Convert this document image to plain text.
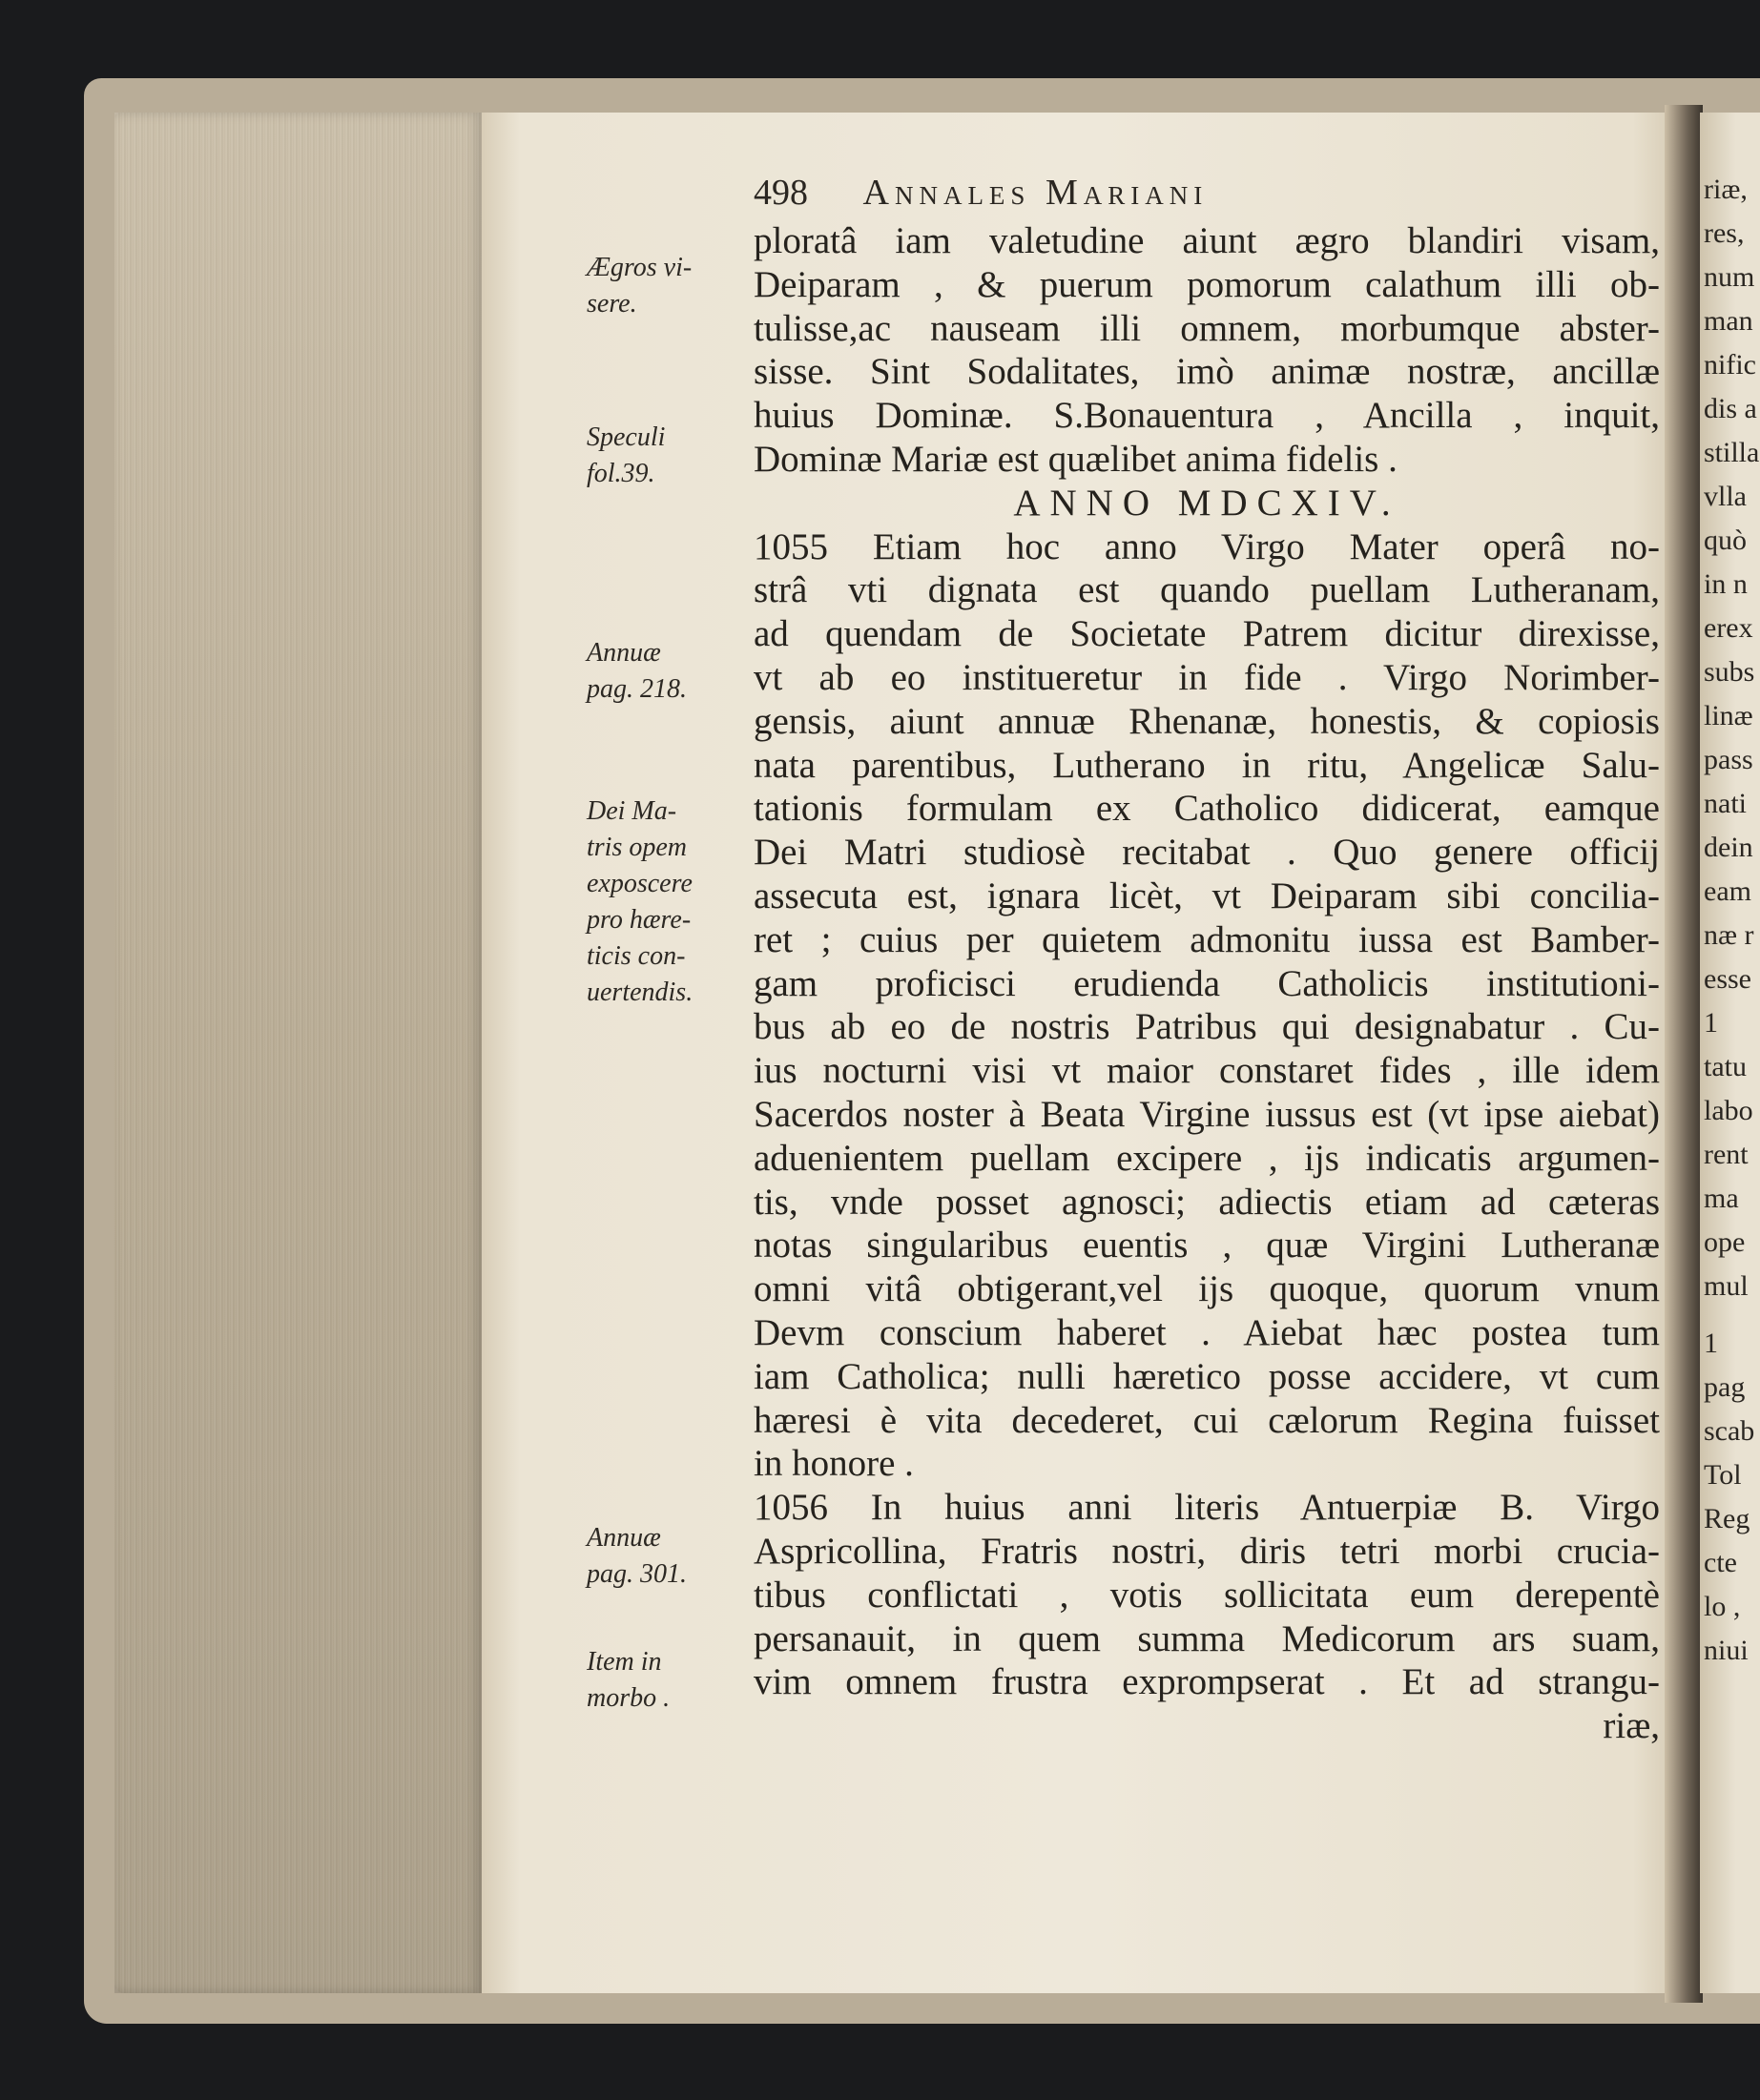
riæ,
res,
num
man
nific
dis a
stilla
vlla
quò
in n
erex
subs
linæ
pass
nati
dein
eam
næ r
esse
1
tatu
labo
rent
ma
ope
mul
1
pag
scab
Tol
Reg
cte
lo ,
niui
498 Annales Mariani
ploratâ iam valetudine aiunt ægro blandiri visam,
Deiparam , & puerum pomorum calathum illi ob-
tulisse,ac nauseam illi omnem, morbumque abster-
sisse. Sint Sodalitates, imò animæ nostræ, ancillæ
huius Dominæ. S.Bonauentura , Ancilla , inquit,
Dominæ Mariæ est quælibet anima fidelis .
ANNO MDCXIV.
1055 Etiam hoc anno Virgo Mater operâ no-
strâ vti dignata est quando puellam Lutheranam,
ad quendam de Societate Patrem dicitur direxisse,
vt ab eo institueretur in fide . Virgo Norimber-
gensis, aiunt annuæ Rhenanæ, honestis, & copiosis
nata parentibus, Lutherano in ritu, Angelicæ Salu-
tationis formulam ex Catholico didicerat, eamque
Dei Matri studiosè recitabat . Quo genere officij
assecuta est, ignara licèt, vt Deiparam sibi concilia-
ret ; cuius per quietem admonitu iussa est Bamber-
gam proficisci erudienda Catholicis institutioni-
bus ab eo de nostris Patribus qui designabatur . Cu-
ius nocturni visi vt maior constaret fides , ille idem
Sacerdos noster à Beata Virgine iussus est (vt ipse aiebat)
aduenientem puellam excipere , ijs indicatis argumen-
tis, vnde posset agnosci; adiectis etiam ad cæteras
notas singularibus euentis , quæ Virgini Lutheranæ
omni vitâ obtigerant,vel ijs quoque, quorum vnum
Devm conscium haberet . Aiebat hæc postea tum
iam Catholica; nulli hæretico posse accidere, vt cum
hæresi è vita decederet, cui cælorum Regina fuisset
in honore .
1056 In huius anni literis Antuerpiæ B. Virgo
Aspricollina, Fratris nostri, diris tetri morbi crucia-
tibus conflictati , votis sollicitata eum derepentè
persanauit, in quem summa Medicorum ars suam,
vim omnem frustra exprompserat . Et ad strangu-
riæ,
Ægros vi-
sere.
Speculi
fol.39.
Annuæ
pag. 218.
Dei Ma-
tris opem
exposcere
pro hære-
ticis con-
uertendis.
Annuæ
pag. 301.
Item in
morbo .
